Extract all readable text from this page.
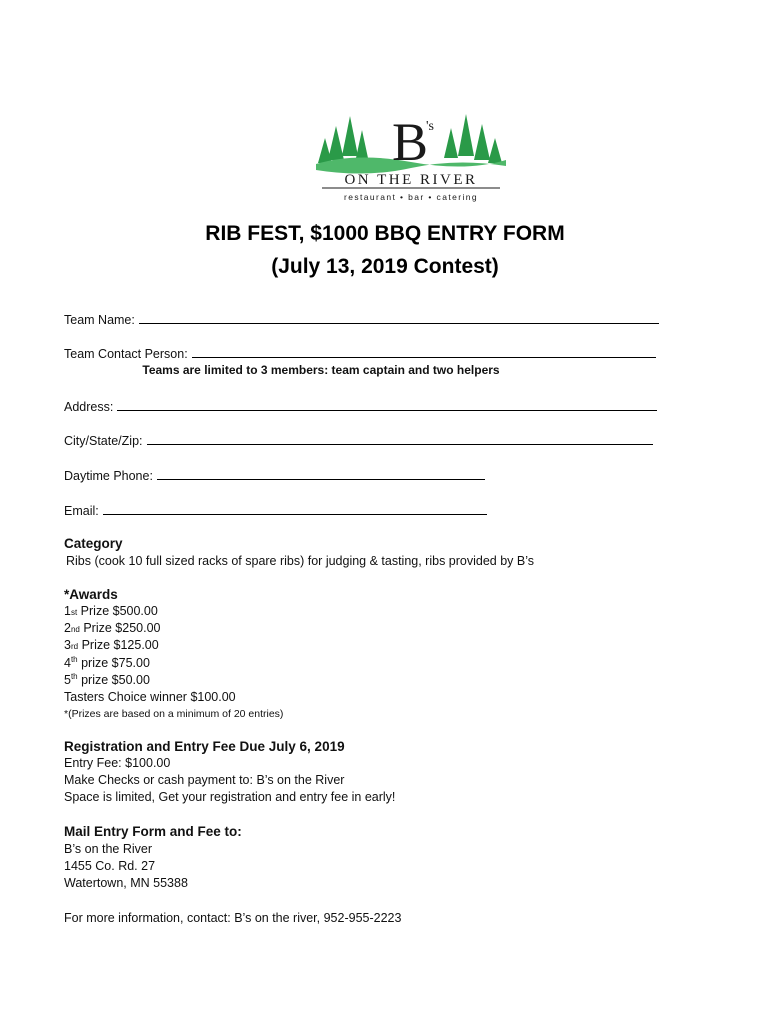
B
's
ON THE RIVER
restaurant • bar • catering
RIB FEST, $1000 BBQ ENTRY FORM
(July 13, 2019 Contest)
Team Name:
Team Contact Person:
Teams are limited to 3 members: team captain and two helpers
Address:
City/State/Zip:
Daytime Phone:
Email:
Category
Ribs (cook 10 full sized racks of spare ribs) for judging & tasting, ribs provided by B’s
*Awards
1st Prize $500.00
2nd Prize $250.00
3rd Prize $125.00
4th prize $75.00
5th prize $50.00
Tasters Choice winner $100.00
*(Prizes are based on a minimum of 20 entries)
Registration and Entry Fee Due July 6, 2019
Entry Fee: $100.00
Make Checks or cash payment to: B’s on the River
Space is limited, Get your registration and entry fee in early!
Mail Entry Form and Fee to:
B’s on the River
1455 Co. Rd. 27
Watertown, MN 55388
For more information, contact: B’s on the river, 952-955-2223
